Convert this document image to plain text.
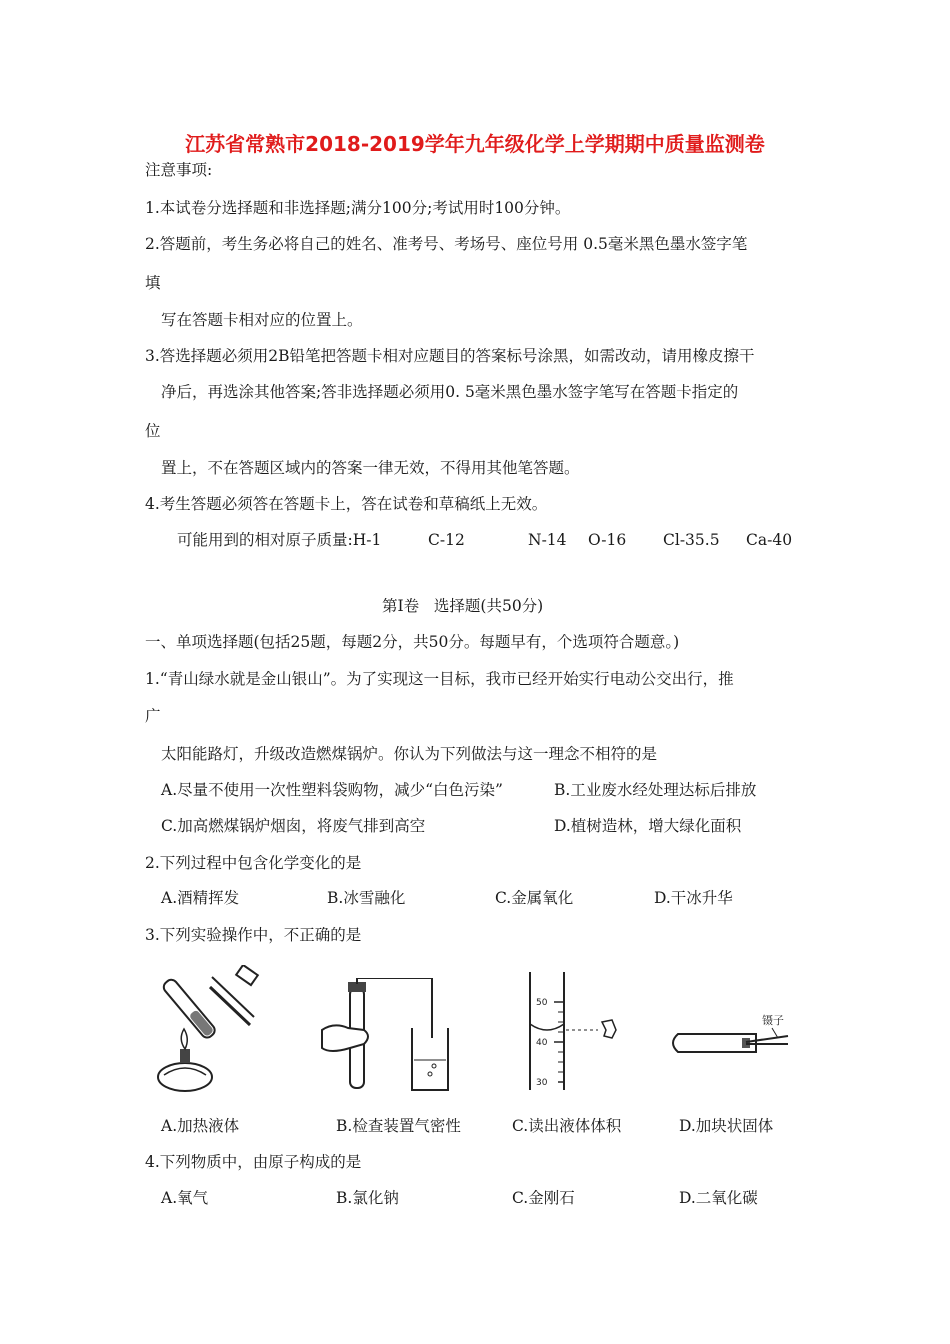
江苏省常熟市2018-2019学年九年级化学上学期期中质量监测卷
注意事项:
1.本试卷分选择题和非选择题;满分100分;考试用时100分钟。
2.答题前，考生务必将自己的姓名、准考号、考场号、座位号用 0.5毫米黑色墨水签字笔
填
写在答题卡相对应的位置上。
3.答选择题必须用2B铅笔把答题卡相对应题目的答案标号涂黑，如需改动，请用橡皮擦干
净后，再选涂其他答案;答非选择题必须用0. 5毫米黑色墨水签字笔写在答题卡指定的
位
置上，不在答题区域内的答案一律无效，不得用其他笔答题。
4.考生答题必须答在答题卡上，答在试卷和草稿纸上无效。
可能用到的相对原子质量:H-1	C-12	N-14 O-16 Cl-35.5 Ca-40
第Ⅰ卷   选择题(共50分)
一、单项选择题(包括25题，每题2分，共50分。每题早有，个选项符合题意。)
1.“青山绿水就是金山银山”。为了实现这一目标，我市已经开始实行电动公交出行，推
广
太阳能路灯，升级改造燃煤锅炉。你认为下列做法与这一理念不相符的是
A.尽量不使用一次性塑料袋购物，减少“白色污染”	B.工业废水经处理达标后排放
C.加高燃煤锅炉烟囱，将废气排到高空	D.植树造林，增大绿化面积
2.下列过程中包含化学变化的是
A.酒精挥发	B.冰雪融化	C.金属氧化	D.干冰升华
3.下列实验操作中，不正确的是
50
40
30
镊子
A.加热液体	B.检查装置气密性	C.读出液体体积	D.加块状固体
4.下列物质中，由原子构成的是
A.氧气	B.氯化钠	C.金刚石	D.二氧化碳
